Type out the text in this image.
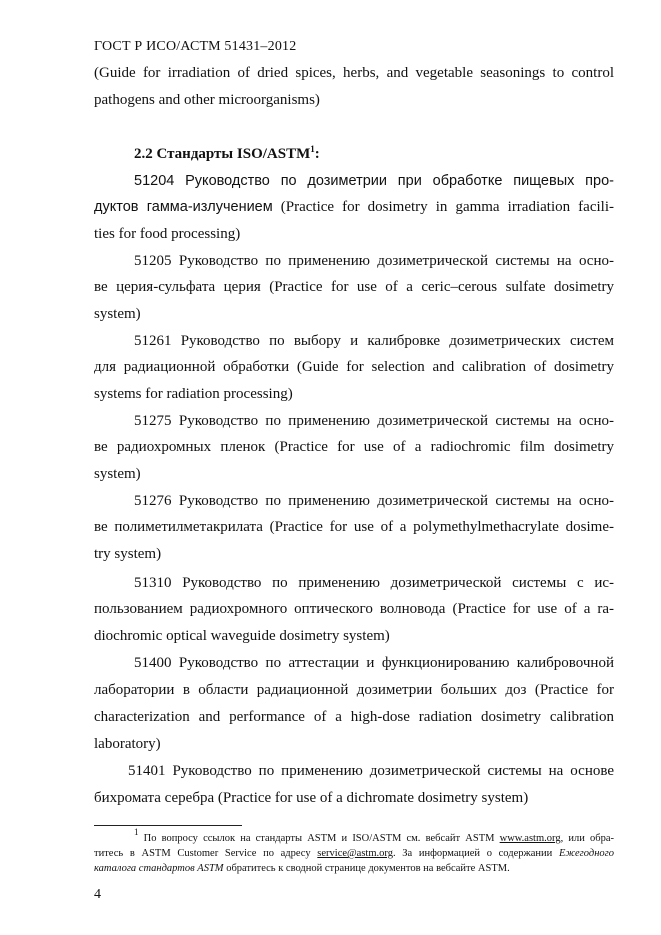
ГОСТ Р ИСО/АСТМ 51431–2012
(Guide for irradiation of dried spices, herbs, and vegetable seasonings to control
pathogens and other microorganisms)
2.2 Стандарты ISO/ASTM$^1$:
51204 Руководство по дозиметрии при обработке пищевых про-
дуктов гамма-излучением (Practice for dosimetry in gamma irradiation facili-
ties for food processing)
51205 Руководство по применению дозиметрической системы на осно-
ве церия-сульфата церия (Practice for use of a ceric–cerous sulfate dosimetry
system)
51261 Руководство по выбору и калибровке дозиметрических систем
для радиационной обработки (Guide for selection and calibration of dosimetry
systems for radiation processing)
51275 Руководство по применению дозиметрической системы на осно-
ве радиохромных пленок (Practice for use of a radiochromic film dosimetry
system)
51276 Руководство по применению дозиметрической системы на осно-
ве полиметилметакрилата (Practice for use of a polymethylmethacrylate dosime-
try system)
51310 Руководство по применению дозиметрической системы с ис-
пользованием радиохромного оптического волновода (Practice for use of a ra-
diochromic optical waveguide dosimetry system)
51400 Руководство по аттестации и функционированию калибровочной
лаборатории в области радиационной дозиметрии больших доз (Practice for
characterization and performance of a high-dose radiation dosimetry calibration
laboratory)
51401 Руководство по применению дозиметрической системы на основе
бихромата серебра (Practice for use of a dichromate dosimetry system)
$^1$ По вопросу ссылок на стандарты ASTM и ISO/ASTM см. вебсайт ASTM www.astm.org, или обра-
титесь в ASTM Customer Service по адресу service@astm.org. За информацией о содержании Ежегодного
каталога стандартов ASTM обратитесь к сводной странице документов на вебсайте ASTM.
4
